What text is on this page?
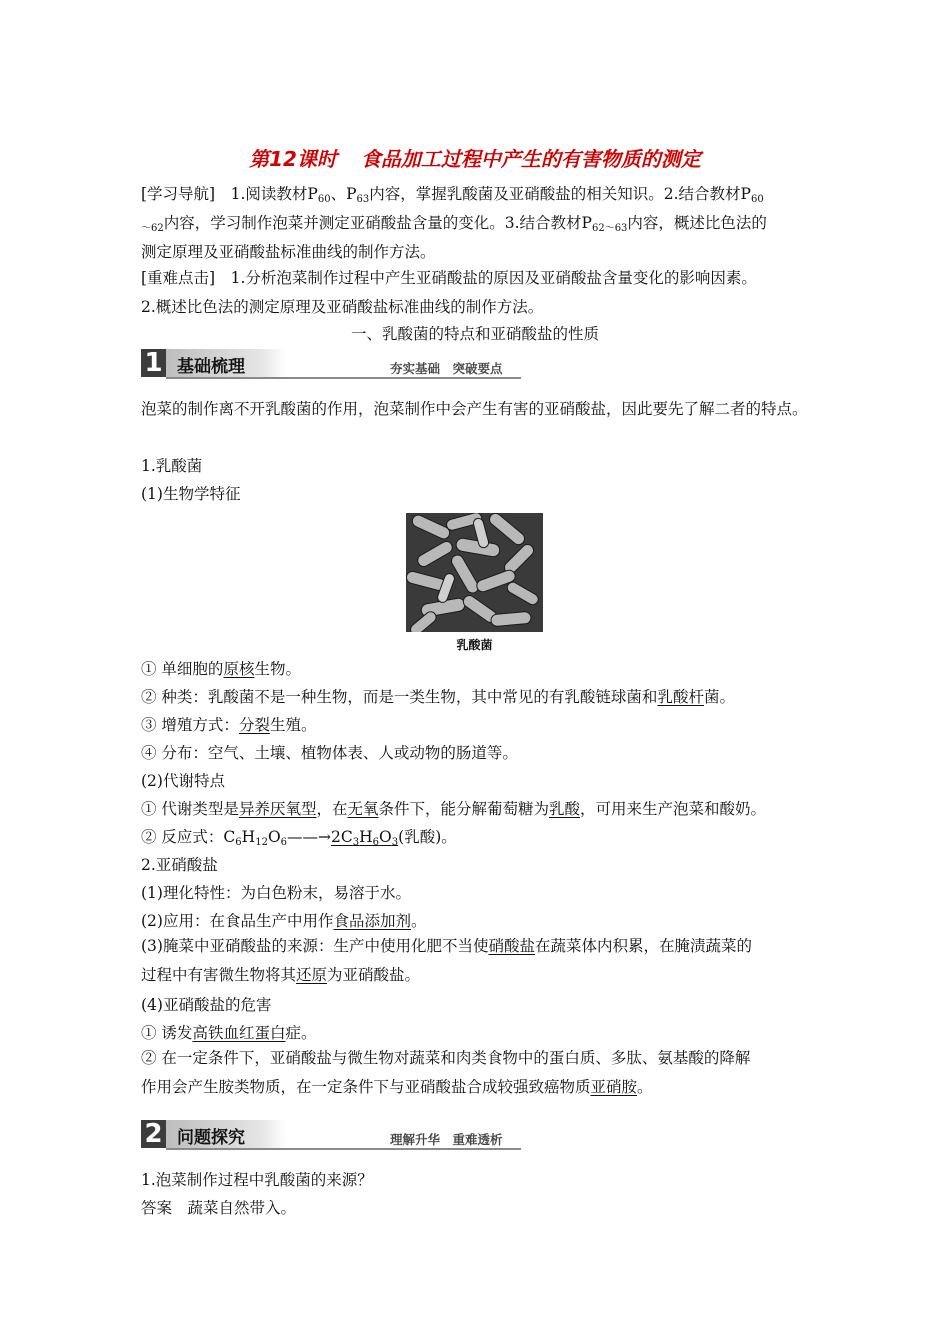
第12课时 食品加工过程中产生的有害物质的测定
[学习导航]　1.阅读教材$P_{60}$、$P_{63}$内容，掌握乳酸菌及亚硝酸盐的相关知识。2.结合教材$P_{60}$
$_{\sim 62}$内容，学习制作泡菜并测定亚硝酸盐含量的变化。3.结合教材$P_{62\sim 63}$内容，概述比色法的
测定原理及亚硝酸盐标准曲线的制作方法。
[重难点击]　1.分析泡菜制作过程中产生亚硝酸盐的原因及亚硝酸盐含量变化的影响因素。
2.概述比色法的测定原理及亚硝酸盐标准曲线的制作方法。
一、乳酸菌的特点和亚硝酸盐的性质
1 基础梳理	夯实基础　突破要点
泡菜的制作离不开乳酸菌的作用，泡菜制作中会产生有害的亚硝酸盐，因此要先了解二者的特点。
1.乳酸菌
(1)生物学特征
乳酸菌
① 单细胞的原核生物。
② 种类：乳酸菌不是一种生物，而是一类生物，其中常见的有乳酸链球菌和乳酸杆菌。
③ 增殖方式：分裂生殖。
④ 分布：空气、土壤、植物体表、人或动物的肠道等。
(2)代谢特点
① 代谢类型是异养厌氧型，在无氧条件下，能分解葡萄糖为乳酸，可用来生产泡菜和酸奶。
② 反应式：$C_6H_{12}O_6——\to 2C_3H_6O_3$(乳酸)。
2.亚硝酸盐
(1)理化特性：为白色粉末，易溶于水。
(2)应用：在食品生产中用作食品添加剂。
(3)腌菜中亚硝酸盐的来源：生产中使用化肥不当使硝酸盐在蔬菜体内积累，在腌渍蔬菜的
过程中有害微生物将其还原为亚硝酸盐。
(4)亚硝酸盐的危害
① 诱发高铁血红蛋白症。
② 在一定条件下，亚硝酸盐与微生物对蔬菜和肉类食物中的蛋白质、多肽、氨基酸的降解
作用会产生胺类物质，在一定条件下与亚硝酸盐合成较强致癌物质亚硝胺。
2 问题探究	理解升华　重难透析
1.泡菜制作过程中乳酸菌的来源？
答案　蔬菜自然带入。
